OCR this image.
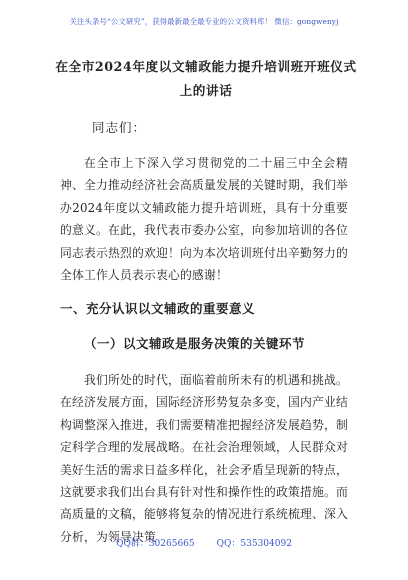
关注头条号“公文研究”，获得最新最全最专业的公文资料库！ 微信：gongwenyj
在全市2024年度以文辅政能力提升培训班开班仪式上的讲话
同志们：
在全市上下深入学习贯彻党的二十届三中全会精神、全力推动经济社会高质量发展的关键时期，我们举办2024年度以文辅政能力提升培训班，具有十分重要的意义。在此，我代表市委办公室，向参加培训的各位同志表示热烈的欢迎！向为本次培训班付出辛勤努力的全体工作人员表示衷心的感谢！
一、充分认识以文辅政的重要意义
（一）以文辅政是服务决策的关键环节
我们所处的时代，面临着前所未有的机遇和挑战。在经济发展方面，国际经济形势复杂多变，国内产业结构调整深入推进，我们需要精准把握经济发展趋势，制定科学合理的发展战略。在社会治理领域，人民群众对美好生活的需求日益多样化，社会矛盾呈现新的特点，这就要求我们出台具有针对性和操作性的政策措施。而高质量的文稿，能够将复杂的情况进行系统梳理、深入分析，为领导决策
QQ群：30265665 QQ：535304092
